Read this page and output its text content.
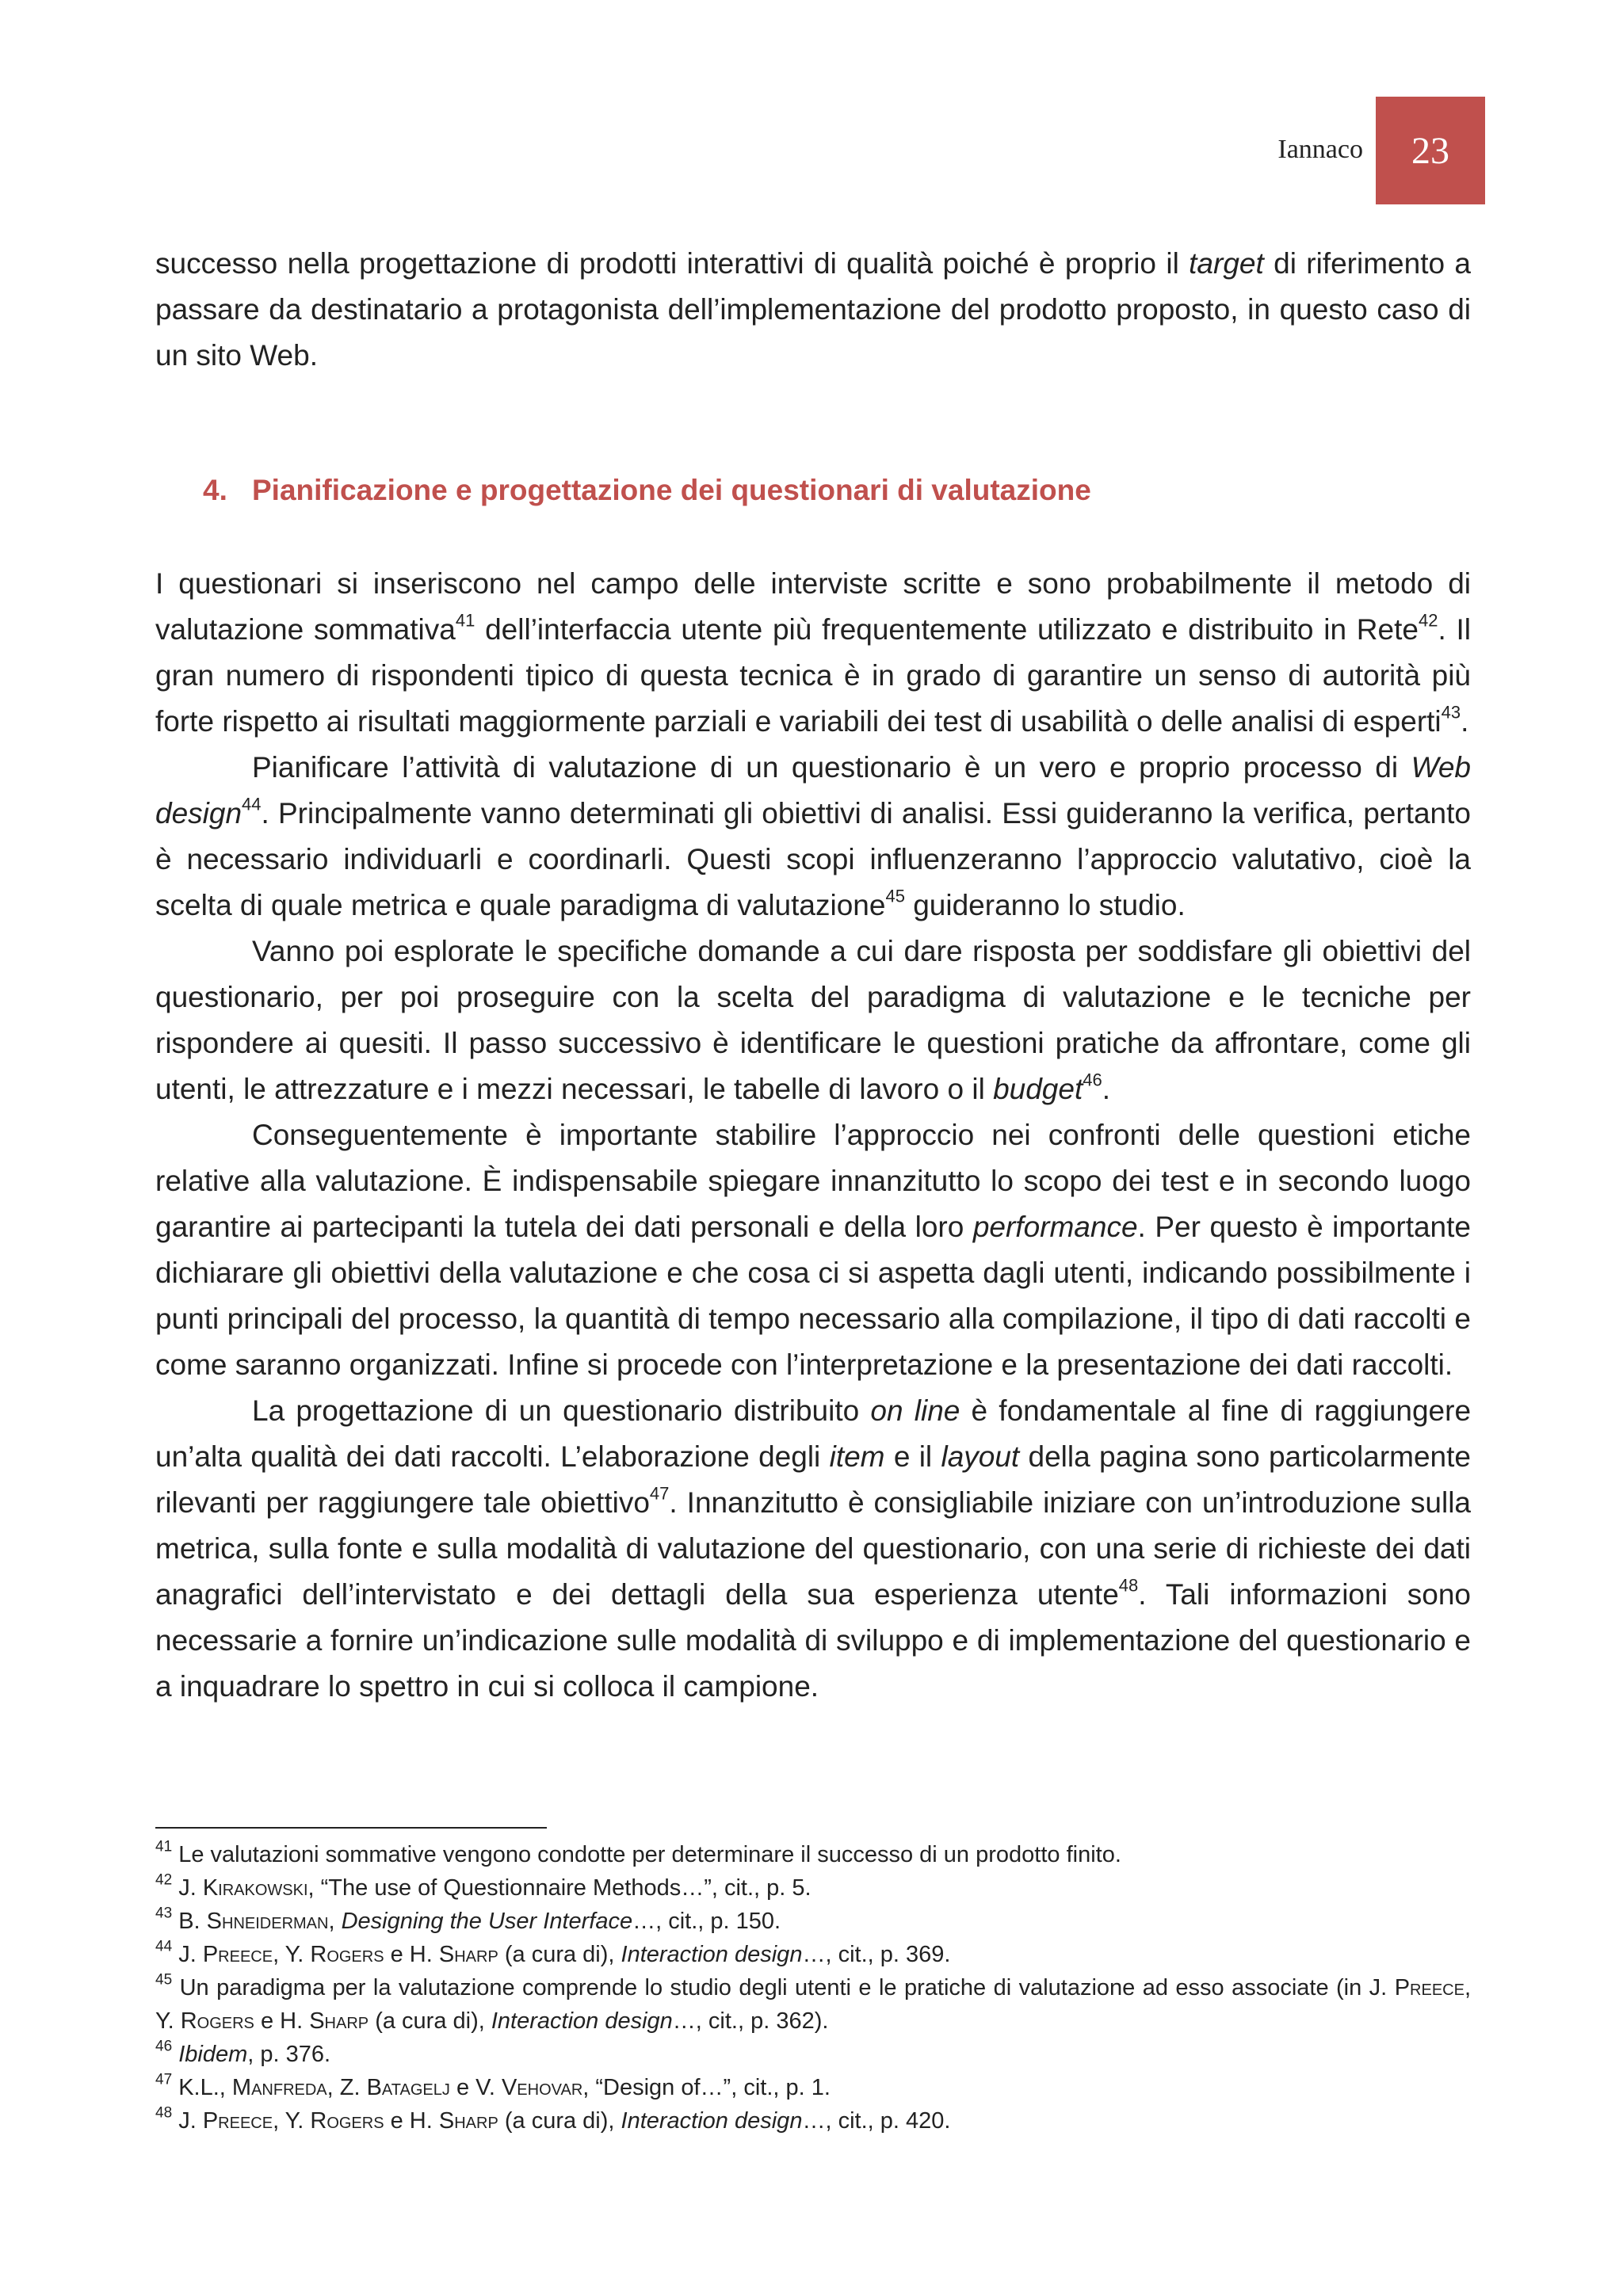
Iannaco	23

successo nella progettazione di prodotti interattivi di qualità poiché è proprio il target di riferimento a passare da destinatario a protagonista dell’implementazione del prodotto proposto, in questo caso di un sito Web.

4. Pianificazione e progettazione dei questionari di valutazione

I questionari si inseriscono nel campo delle interviste scritte e sono probabilmente il metodo di valutazione sommativa$^{41}$ dell’interfaccia utente più frequentemente utilizzato e distribuito in Rete$^{42}$. Il gran numero di rispondenti tipico di questa tecnica è in grado di garantire un senso di autorità più forte rispetto ai risultati maggiormente parziali e variabili dei test di usabilità o delle analisi di esperti$^{43}$.

Pianificare l’attività di valutazione di un questionario è un vero e proprio processo di Web design$^{44}$. Principalmente vanno determinati gli obiettivi di analisi. Essi guideranno la verifica, pertanto è necessario individuarli e coordinarli. Questi scopi influenzeranno l’approccio valutativo, cioè la scelta di quale metrica e quale paradigma di valutazione$^{45}$ guideranno lo studio.

Vanno poi esplorate le specifiche domande a cui dare risposta per soddisfare gli obiettivi del questionario, per poi proseguire con la scelta del paradigma di valutazione e le tecniche per rispondere ai quesiti. Il passo successivo è identificare le questioni pratiche da affrontare, come gli utenti, le attrezzature e i mezzi necessari, le tabelle di lavoro o il budget$^{46}$.

Conseguentemente è importante stabilire l’approccio nei confronti delle questioni etiche relative alla valutazione. È indispensabile spiegare innanzitutto lo scopo dei test e in secondo luogo garantire ai partecipanti la tutela dei dati personali e della loro performance. Per questo è importante dichiarare gli obiettivi della valutazione e che cosa ci si aspetta dagli utenti, indicando possibilmente i punti principali del processo, la quantità di tempo necessario alla compilazione, il tipo di dati raccolti e come saranno organizzati. Infine si procede con l’interpretazione e la presentazione dei dati raccolti.

La progettazione di un questionario distribuito on line è fondamentale al fine di raggiungere un’alta qualità dei dati raccolti. L’elaborazione degli item e il layout della pagina sono particolarmente rilevanti per raggiungere tale obiettivo$^{47}$. Innanzitutto è consigliabile iniziare con un’introduzione sulla metrica, sulla fonte e sulla modalità di valutazione del questionario, con una serie di richieste dei dati anagrafici dell’intervistato e dei dettagli della sua esperienza utente$^{48}$. Tali informazioni sono necessarie a fornire un’indicazione sulle modalità di sviluppo e di implementazione del questionario e a inquadrare lo spettro in cui si colloca il campione.

$^{41}$ Le valutazioni sommative vengono condotte per determinare il successo di un prodotto finito.

$^{42}$ J. Kirakowski, “The use of Questionnaire Methods…”, cit., p. 5.

$^{43}$ B. Shneiderman, Designing the User Interface…, cit., p. 150.

$^{44}$ J. Preece, Y. Rogers e H. Sharp (a cura di), Interaction design…, cit., p. 369.

$^{45}$ Un paradigma per la valutazione comprende lo studio degli utenti e le pratiche di valutazione ad esso associate (in J. Preece, Y. Rogers e H. Sharp (a cura di), Interaction design…, cit., p. 362).

$^{46}$ Ibidem, p. 376.

$^{47}$ K.L., Manfreda, Z. Batagelj e V. Vehovar, “Design of…”, cit., p. 1.

$^{48}$ J. Preece, Y. Rogers e H. Sharp (a cura di), Interaction design…, cit., p. 420.
